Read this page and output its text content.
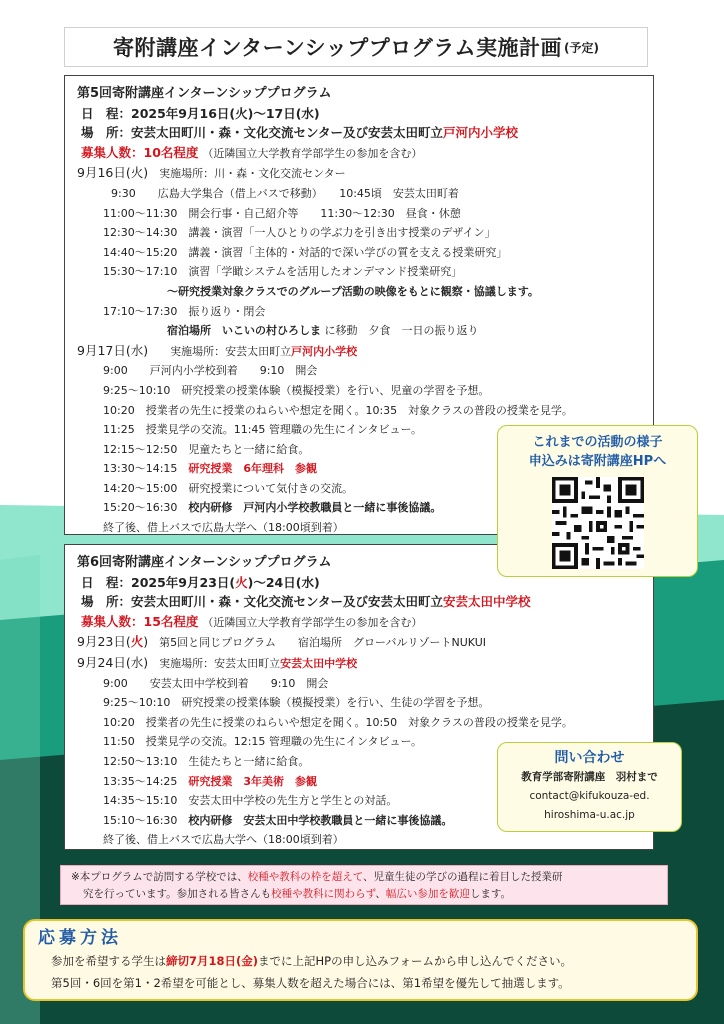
寄附講座インターンシッププログラム実施計画 (予定)
第5回寄附講座インターンシッププログラム
日　程：2025年9月16日(火)～17日(水)
場　所：安芸太田町川・森・文化交流センター及び安芸太田町立戸河内小学校
募集人数：10名程度 （近隣国立大学教育学部学生の参加を含む）
9月16日(火)　 実施場所：川・森・文化交流センター
9:30　　広島大学集合（借上バスで移動）　　10:45頃　安芸太田町着
11:00～11:30　開会行事・自己紹介等　　11:30～12:30　昼食・休憩
12:30～14:30　講義・演習「一人ひとりの学ぶ力を引き出す授業のデザイン」
14:40～15:20　講義・演習「主体的・対話的で深い学びの質を支える授業研究」
15:30～17:10　演習「学瞰システムを活用したオンデマンド授業研究」
～研究授業対象クラスでのグループ活動の映像をもとに観察・協議します。
17:10～17:30　振り返り・閉会
宿泊場所　 いこいの村ひろしま に移動　夕食　一日の振り返り
9月17日(水)　　 実施場所：安芸太田町立戸河内小学校
9:00　　戸河内小学校到着　　9:10　開会
9:25～10:10　研究授業の授業体験（模擬授業）を行い、児童の学習を予想。
10:20　授業者の先生に授業のねらいや想定を聞く。10:35　対象クラスの普段の授業を見学。
11:25　授業見学の交流。11:45 管理職の先生にインタビュー。
12:15～12:50　児童たちと一緒に給食。
13:30～14:15　 研究授業　6年理科　参観
14:20～15:00　研究授業について気付きの交流。
15:20～16:30　 校内研修　戸河内小学校教職員と一緒に事後協議。
終了後、借上バスで広島大学へ（18:00頃到着）
第6回寄附講座インターンシッププログラム
日　程：2025年9月23日(火)～24日(水)
場　所：安芸太田町川・森・文化交流センター及び安芸太田町立安芸太田中学校
募集人数：15名程度 （近隣国立大学教育学部学生の参加を含む）
9月23日(火)　 第5回と同じプログラム　　宿泊場所　グローバルリゾートNUKUI
9月24日(水)　 実施場所：安芸太田町立安芸太田中学校
9:00　　安芸太田中学校到着　　9:10　開会
9:25～10:10　研究授業の授業体験（模擬授業）を行い、生徒の学習を予想。
10:20　授業者の先生に授業のねらいや想定を聞く。10:50　対象クラスの普段の授業を見学。
11:50　授業見学の交流。12:15 管理職の先生にインタビュー。
12:50～13:10　生徒たちと一緒に給食。
13:35～14:25　 研究授業　3年美術　参観
14:35～15:10　安芸太田中学校の先生方と学生との対話。
15:10～16:30　 校内研修　安芸太田中学校教職員と一緒に事後協議。
終了後、借上バスで広島大学へ（18:00頃到着）
これまでの活動の様子
申込みは寄附講座HPへ
問い合わせ
教育学部寄附講座　羽村まで
contact@kifukouza-ed.
hiroshima-u.ac.jp
※本プログラムで訪問する学校では、校種や教科の枠を超えて、児童生徒の学びの過程に着目した授業研
究を行っています。参加される皆さんも校種や教科に関わらず、幅広い参加を歓迎します。
応募方法
参加を希望する学生は締切7月18日(金)までに上記HPの申し込みフォームから申し込んでください。
第5回・6回を第1・2希望を可能とし、募集人数を超えた場合には、第1希望を優先して抽選します。
